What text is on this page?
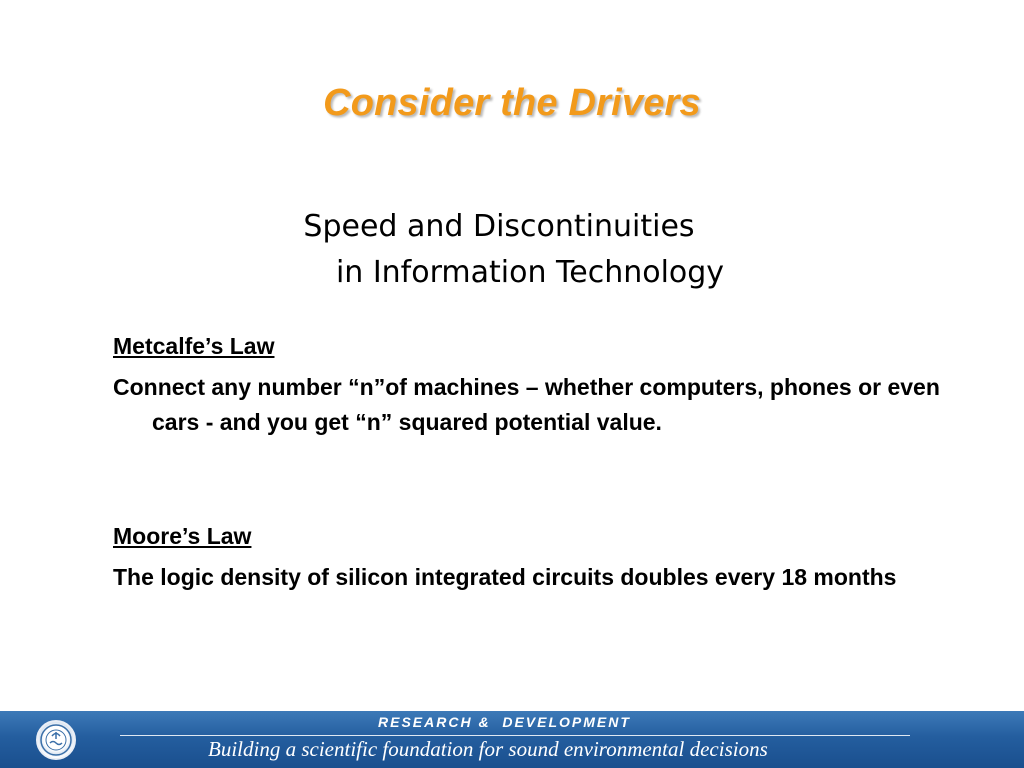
Consider the Drivers
Speed and Discontinuities
in Information Technology
Metcalfe’s Law
Connect any number “n”of machines – whether computers, phones or even cars - and you get “n” squared potential value.
Moore’s Law
The logic density of silicon integrated circuits doubles every 18 months
RESEARCH &  DEVELOPMENT
Building a scientific foundation for sound environmental decisions
